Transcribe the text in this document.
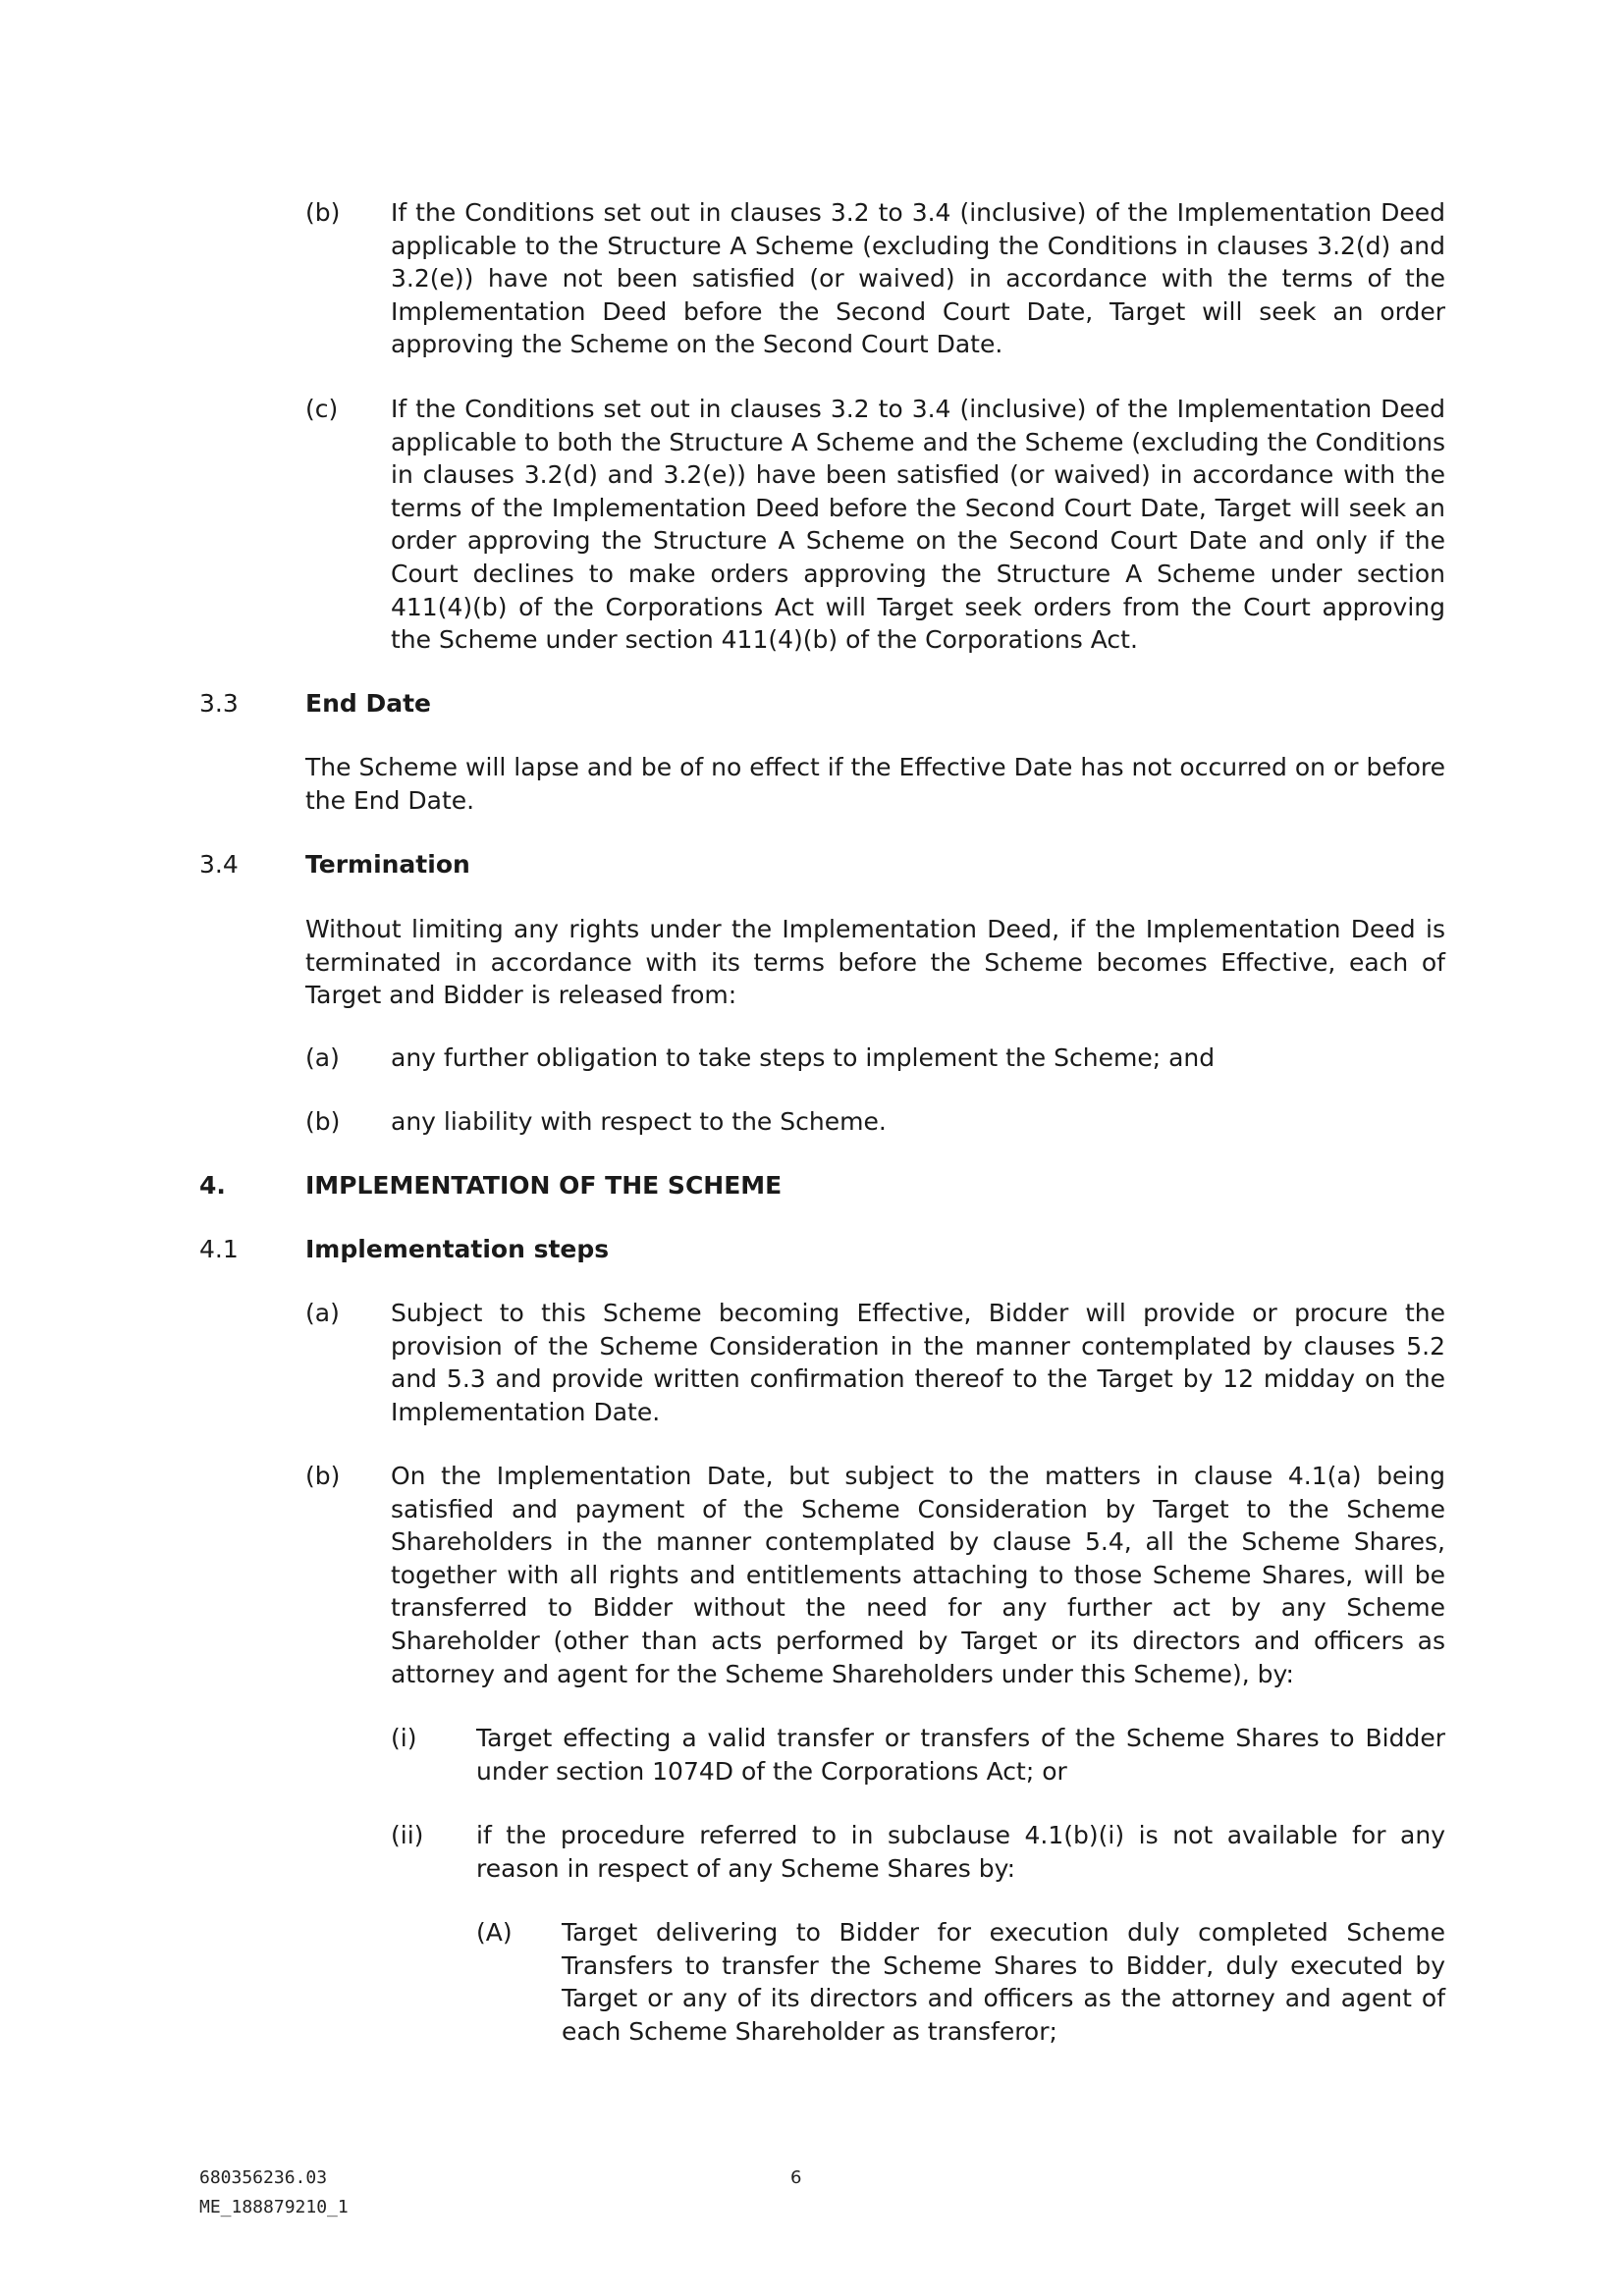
(b)	If the Conditions set out in clauses 3.2 to 3.4 (inclusive) of the Implementation Deed applicable to the Structure A Scheme (excluding the Conditions in clauses 3.2(d) and 3.2(e)) have not been satisfied (or waived) in accordance with the terms of the Implementation Deed before the Second Court Date, Target will seek an order approving the Scheme on the Second Court Date.
(c)	If the Conditions set out in clauses 3.2 to 3.4 (inclusive) of the Implementation Deed applicable to both the Structure A Scheme and the Scheme (excluding the Conditions in clauses 3.2(d) and 3.2(e)) have been satisfied (or waived) in accordance with the terms of the Implementation Deed before the Second Court Date, Target will seek an order approving the Structure A Scheme on the Second Court Date and only if the Court declines to make orders approving the Structure A Scheme under section 411(4)(b) of the Corporations Act will Target seek orders from the Court approving the Scheme under section 411(4)(b) of the Corporations Act.
3.3	End Date
The Scheme will lapse and be of no effect if the Effective Date has not occurred on or before the End Date.
3.4	Termination
Without limiting any rights under the Implementation Deed, if the Implementation Deed is terminated in accordance with its terms before the Scheme becomes Effective, each of Target and Bidder is released from:
(a)	any further obligation to take steps to implement the Scheme; and
(b)	any liability with respect to the Scheme.
4.	IMPLEMENTATION OF THE SCHEME
4.1	Implementation steps
(a)	Subject to this Scheme becoming Effective, Bidder will provide or procure the provision of the Scheme Consideration in the manner contemplated by clauses 5.2 and 5.3 and provide written confirmation thereof to the Target by 12 midday on the Implementation Date.
(b)	On the Implementation Date, but subject to the matters in clause 4.1(a) being satisfied and payment of the Scheme Consideration by Target to the Scheme Shareholders in the manner contemplated by clause 5.4, all the Scheme Shares, together with all rights and entitlements attaching to those Scheme Shares, will be transferred to Bidder without the need for any further act by any Scheme Shareholder (other than acts performed by Target or its directors and officers as attorney and agent for the Scheme Shareholders under this Scheme), by:
(i)	Target effecting a valid transfer or transfers of the Scheme Shares to Bidder under section 1074D of the Corporations Act; or
(ii)	if the procedure referred to in subclause 4.1(b)(i) is not available for any reason in respect of any Scheme Shares by:
(A)	Target delivering to Bidder for execution duly completed Scheme Transfers to transfer the Scheme Shares to Bidder, duly executed by Target or any of its directors and officers as the attorney and agent of each Scheme Shareholder as transferor;
680356236.03
ME_188879210_1
6
